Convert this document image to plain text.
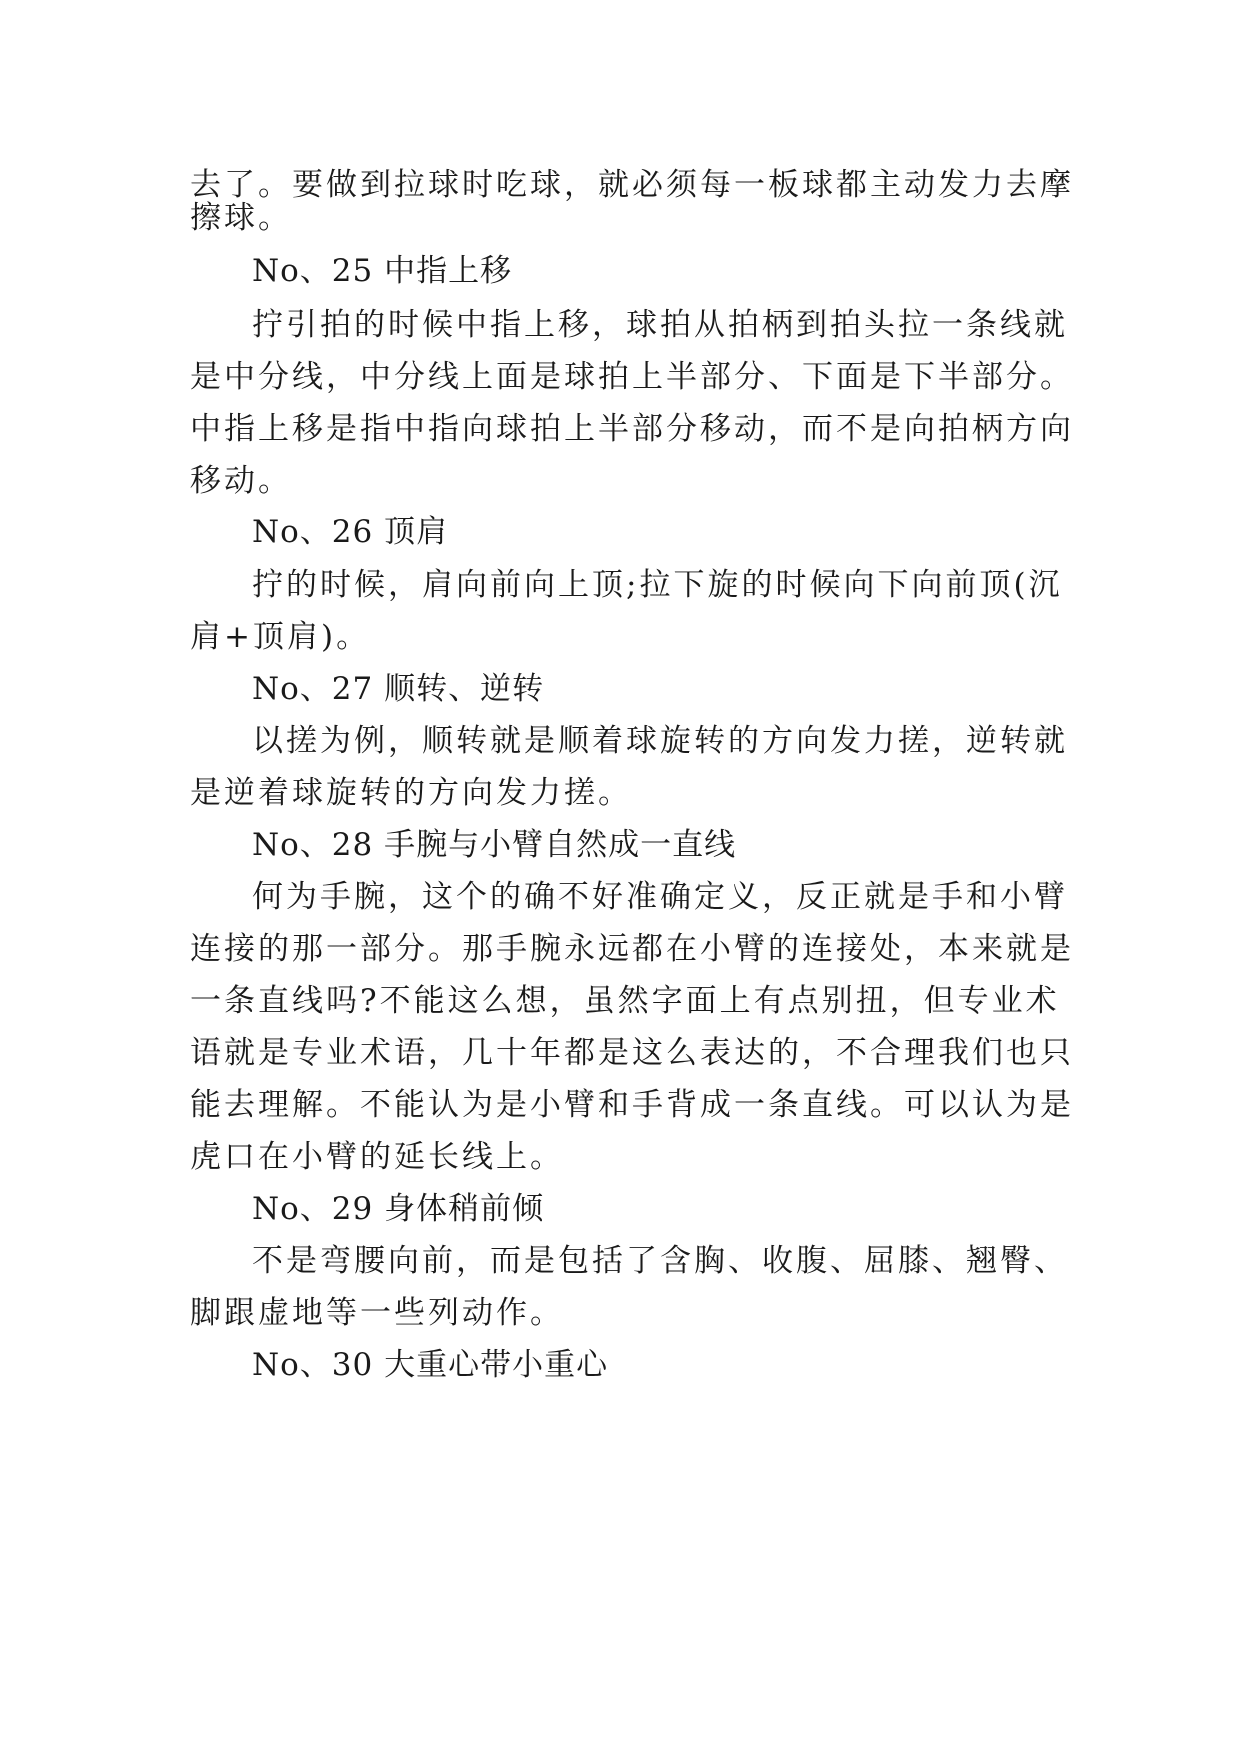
去了。要做到拉球时吃球，就必须每一板球都主动发力去摩
擦球。
No、25 中指上移
拧引拍的时候中指上移，球拍从拍柄到拍头拉一条线就
是中分线，中分线上面是球拍上半部分、下面是下半部分。
中指上移是指中指向球拍上半部分移动，而不是向拍柄方向
移动。
No、26 顶肩
拧的时候，肩向前向上顶;拉下旋的时候向下向前顶(沉
肩+顶肩)。
No、27 顺转、逆转
以搓为例，顺转就是顺着球旋转的方向发力搓，逆转就
是逆着球旋转的方向发力搓。
No、28 手腕与小臂自然成一直线
何为手腕，这个的确不好准确定义，反正就是手和小臂
连接的那一部分。那手腕永远都在小臂的连接处，本来就是
一条直线吗?不能这么想，虽然字面上有点别扭，但专业术
语就是专业术语，几十年都是这么表达的，不合理我们也只
能去理解。不能认为是小臂和手背成一条直线。可以认为是
虎口在小臂的延长线上。
No、29 身体稍前倾
不是弯腰向前，而是包括了含胸、收腹、屈膝、翘臀、
脚跟虚地等一些列动作。
No、30 大重心带小重心
